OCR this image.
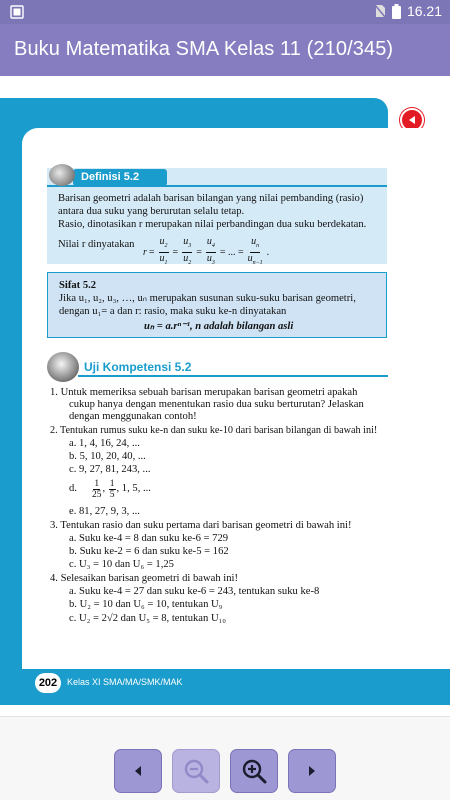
16.21
Buku Matematika SMA Kelas 11 (210/345)
Definisi 5.2
Barisan geometri adalah barisan bilangan yang nilai pembanding (rasio)
antara dua suku yang berurutan selalu tetap.
Rasio, dinotasikan r merupakan nilai perbandingan dua suku berdekatan.
Nilai r dinyatakan
$r = \frac{u_2}{u_1} = \frac{u_3}{u_2} = \frac{u_4}{u_3}$ = ... = $\frac{u_n}{u_{n-1}}$ .
Sifat 5.2
Jika u₁, u₂, u₃, …, uₙ merupakan susunan suku-suku barisan geometri,
dengan u₁= a dan r: rasio, maka suku ke-n dinyatakan
uₙ = a.rⁿ⁻¹, n adalah bilangan asli
Uji Kompetensi 5.2
1. Untuk memeriksa sebuah barisan merupakan barisan geometri apakah
cukup hanya dengan menentukan rasio dua suku berturutan? Jelaskan
dengan menggunakan contoh!
2. Tentukan rumus suku ke-n dan suku ke-10 dari barisan bilangan di bawah ini!
a. 1, 4, 16, 24, ...
b. 5, 10, 20, 40, ...
c. 9, 27, 81, 243, ...
d. $\frac{1}{25}$ , $\frac{1}{5}$ , 1, 5, ...
e. 81, 27, 9, 3, ...
3. Tentukan rasio dan suku pertama dari barisan geometri di bawah ini!
a. Suku ke-4 = 8 dan suku ke-6 = 729
b. Suku ke-2 = 6 dan suku ke-5 = 162
c. U₃ = 10 dan U₆ = 1,25
4. Selesaikan barisan geometri di bawah ini!
a. Suku ke-4 = 27 dan suku ke-6 = 243, tentukan suku ke-8
b. U₂ = 10 dan U₆ = 10, tentukan U₉
c. U₂ = 2√2 dan U₅ = 8, tentukan U₁₀
202	Kelas XI SMA/MA/SMK/MAK
